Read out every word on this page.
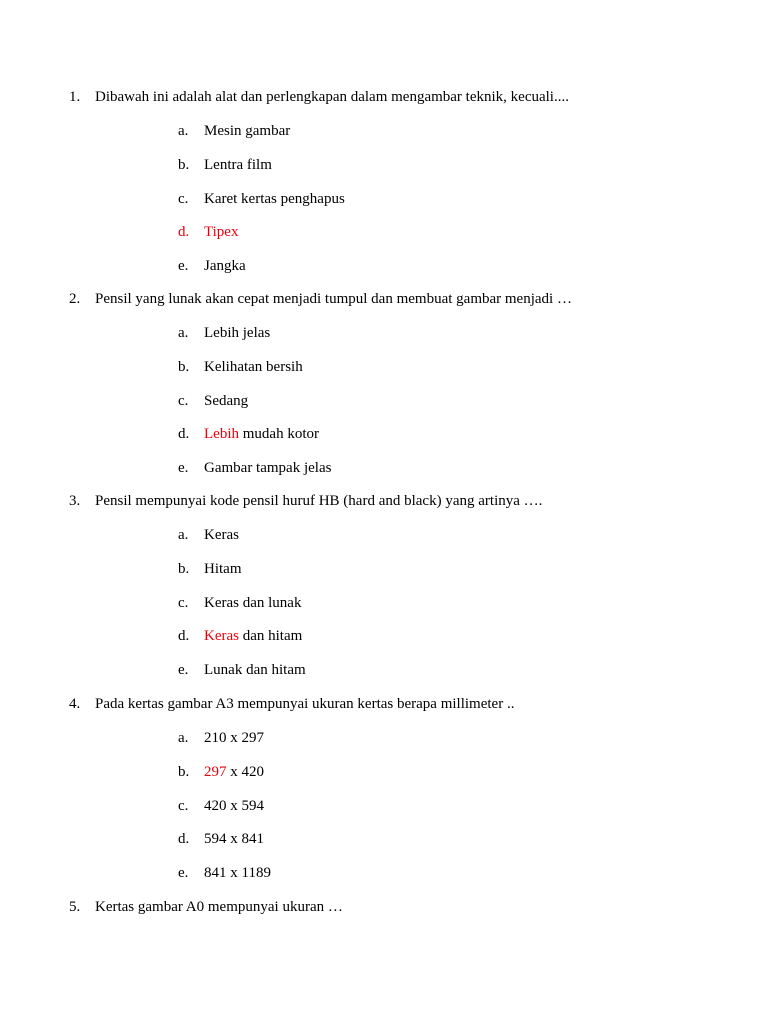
1. Dibawah ini adalah alat dan perlengkapan dalam mengambar teknik, kecuali....
a. Mesin gambar
b. Lentra film
c. Karet kertas penghapus
d. Tipex
e. Jangka
2. Pensil yang lunak akan cepat menjadi tumpul dan membuat gambar menjadi …
a. Lebih jelas
b. Kelihatan bersih
c. Sedang
d. Lebih mudah kotor
e. Gambar tampak jelas
3. Pensil mempunyai kode pensil huruf HB (hard and black) yang artinya ….
a. Keras
b. Hitam
c. Keras dan lunak
d. Keras dan hitam
e. Lunak dan hitam
4. Pada kertas gambar A3 mempunyai ukuran kertas berapa millimeter ..
a. 210 x 297
b. 297 x 420
c. 420 x 594
d. 594 x 841
e. 841 x 1189
5. Kertas gambar A0 mempunyai ukuran …
